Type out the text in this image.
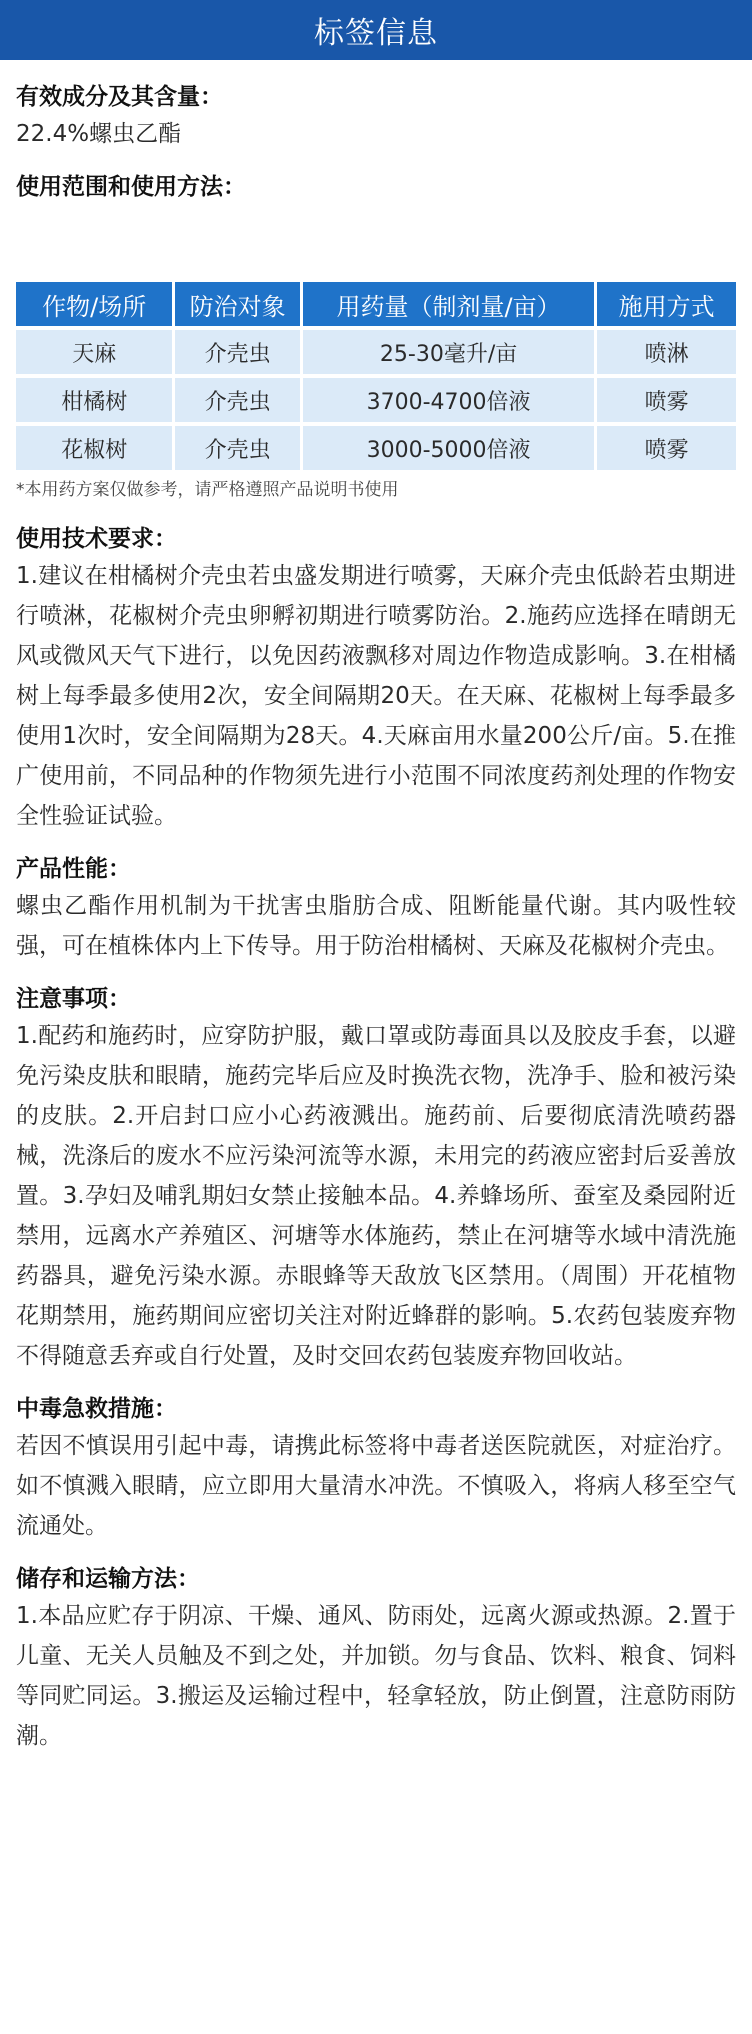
标签信息

有效成分及其含量：

22.4%螺虫乙酯

使用范围和使用方法：

作物/场所	防治对象	用药量（制剂量/亩）	施用方式
天麻	介壳虫	25-30毫升/亩	喷淋
柑橘树	介壳虫	3700-4700倍液	喷雾
花椒树	介壳虫	3000-5000倍液	喷雾

*本用药方案仅做参考，请严格遵照产品说明书使用

使用技术要求：

1.建议在柑橘树介壳虫若虫盛发期进行喷雾，天麻介壳虫低龄若虫期进行喷淋，花椒树介壳虫卵孵初期进行喷雾防治。2.施药应选择在晴朗无风或微风天气下进行，以免因药液飘移对周边作物造成影响。3.在柑橘树上每季最多使用2次，安全间隔期20天。在天麻、花椒树上每季最多使用1次时，安全间隔期为28天。4.天麻亩用水量200公斤/亩。5.在推广使用前，不同品种的作物须先进行小范围不同浓度药剂处理的作物安全性验证试验。

产品性能：

螺虫乙酯作用机制为干扰害虫脂肪合成、阻断能量代谢。其内吸性较强，可在植株体内上下传导。用于防治柑橘树、天麻及花椒树介壳虫。

注意事项：

1.配药和施药时，应穿防护服，戴口罩或防毒面具以及胶皮手套，以避免污染皮肤和眼睛，施药完毕后应及时换洗衣物，洗净手、脸和被污染的皮肤。2.开启封口应小心药液溅出。施药前、后要彻底清洗喷药器械，洗涤后的废水不应污染河流等水源，未用完的药液应密封后妥善放置。3.孕妇及哺乳期妇女禁止接触本品。4.养蜂场所、蚕室及桑园附近禁用，远离水产养殖区、河塘等水体施药，禁止在河塘等水域中清洗施药器具，避免污染水源。赤眼蜂等天敌放飞区禁用。（周围）开花植物花期禁用，施药期间应密切关注对附近蜂群的影响。5.农药包装废弃物不得随意丢弃或自行处置，及时交回农药包装废弃物回收站。

中毒急救措施：

若因不慎误用引起中毒，请携此标签将中毒者送医院就医，对症治疗。如不慎溅入眼睛，应立即用大量清水冲洗。不慎吸入，将病人移至空气流通处。

储存和运输方法：

1.本品应贮存于阴凉、干燥、通风、防雨处，远离火源或热源。2.置于儿童、无关人员触及不到之处，并加锁。勿与食品、饮料、粮食、饲料等同贮同运。3.搬运及运输过程中，轻拿轻放，防止倒置，注意防雨防潮。
